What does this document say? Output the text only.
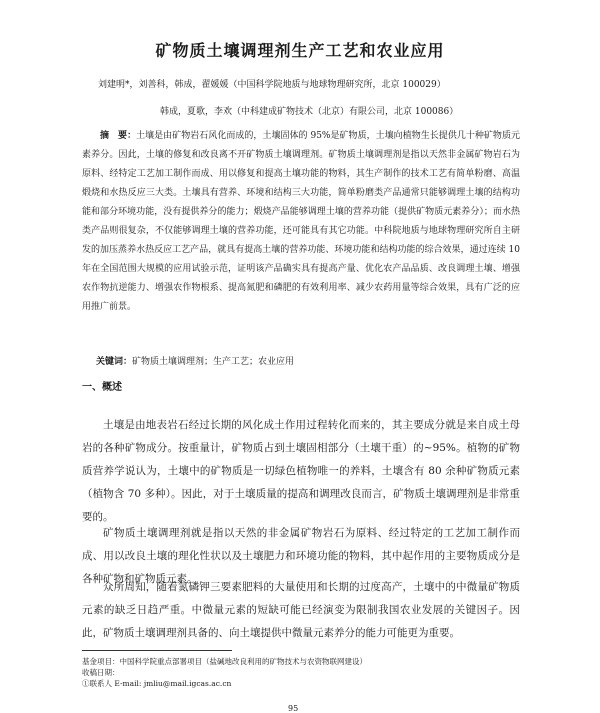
矿物质土壤调理剂生产工艺和农业应用
刘建明*，刘善科，韩成，翟媛媛（中国科学院地质与地球物理研究所，北京 100029）
韩成，夏歌，李欢（中科建成矿物技术（北京）有限公司，北京 100086）
摘　要：土壤是由矿物岩石风化而成的，土壤固体的 95%是矿物质，土壤向植物生长提供几十种矿物质元素养分。因此，土壤的修复和改良离不开矿物质土壤调理剂。矿物质土壤调理剂是指以天然非金属矿物岩石为原料、经特定工艺加工制作而成、用以修复和提高土壤功能的物料，其生产制作的技术工艺有简单粉磨、高温煅烧和水热反应三大类。土壤具有营养、环境和结构三大功能，简单粉磨类产品通常只能够调理土壤的结构功能和部分环境功能，没有提供养分的能力；煅烧产品能够调理土壤的营养功能（提供矿物质元素养分）；而水热类产品则很复杂，不仅能够调理土壤的营养功能，还可能具有其它功能。中科院地质与地球物理研究所自主研发的加压蒸养水热反应工艺产品，就具有提高土壤的营养功能、环境功能和结构功能的综合效果，通过连续 10 年在全国范围大规模的应用试验示范，证明该产品确实具有提高产量、优化农产品品质、改良调理土壤、增强农作物抗逆能力、增强农作物根系、提高氮肥和磷肥的有效利用率、减少农药用量等综合效果，具有广泛的应用推广前景。
关键词：矿物质土壤调理剂；生产工艺；农业应用
一、概述

土壤是由地表岩石经过长期的风化成土作用过程转化而来的，其主要成分就是来自成土母岩的各种矿物成分。按重量计，矿物质占到土壤固相部分（土壤干重）的~95%。植物的矿物质营养学说认为，土壤中的矿物质是一切绿色植物唯一的养料，土壤含有 80 余种矿物质元素（植物含 70 多种）。因此，对于土壤质量的提高和调理改良而言，矿物质土壤调理剂是非常重要的。

矿物质土壤调理剂就是指以天然的非金属矿物岩石为原料、经过特定的工艺加工制作而成、用以改良土壤的理化性状以及土壤肥力和环境功能的物料，其中起作用的主要物质成分是各种矿物和矿物质元素。

众所周知，随着氮磷钾三要素肥料的大量使用和长期的过度高产，土壤中的中微量矿物质元素的缺乏日趋严重。中微量元素的短缺可能已经演变为限制我国农业发展的关键因子。因此，矿物质土壤调理剂具备的、向土壤提供中微量元素养分的能力可能更为重要。

基金项目：中国科学院重点部署项目（盐碱地改良利用的矿物技术与农资物联网建设）
收稿日期：
①联系人 E-mail: jmliu@mail.igcas.ac.cn
95
